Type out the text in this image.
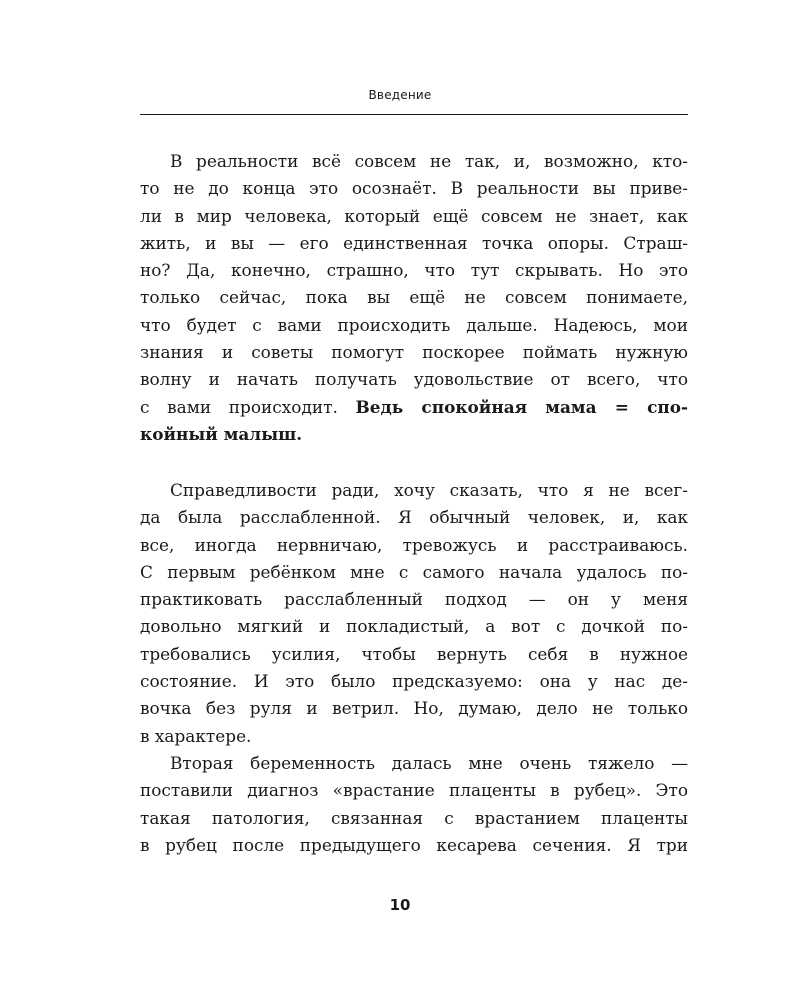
Введение
В реальности всё совсем не так, и, возможно, кто-
то не до конца это осознаёт. В реальности вы приве-
ли в мир человека, который ещё совсем не знает, как
жить, и вы — его единственная точка опоры. Страш-
но? Да, конечно, страшно, что тут скрывать. Но это
только сейчас, пока вы ещё не совсем понимаете,
что будет с вами происходить дальше. Надеюсь, мои
знания и советы помогут поскорее поймать нужную
волну и начать получать удовольствие от всего, что
с вами происходит. Ведь спокойная мама = спо-
койный малыш.
Справедливости ради, хочу сказать, что я не всег-
да была расслабленной. Я обычный человек, и, как
все, иногда нервничаю, тревожусь и расстраиваюсь.
С первым ребёнком мне с самого начала удалось по-
практиковать расслабленный подход — он у меня
довольно мягкий и покладистый, а вот с дочкой по-
требовались усилия, чтобы вернуть себя в нужное
состояние. И это было предсказуемо: она у нас де-
вочка без руля и ветрил. Но, думаю, дело не только
в характере.
Вторая беременность далась мне очень тяжело —
поставили диагноз «врастание плаценты в рубец». Это
такая патология, связанная с врастанием плаценты
в рубец после предыдущего кесарева сечения. Я три
10
